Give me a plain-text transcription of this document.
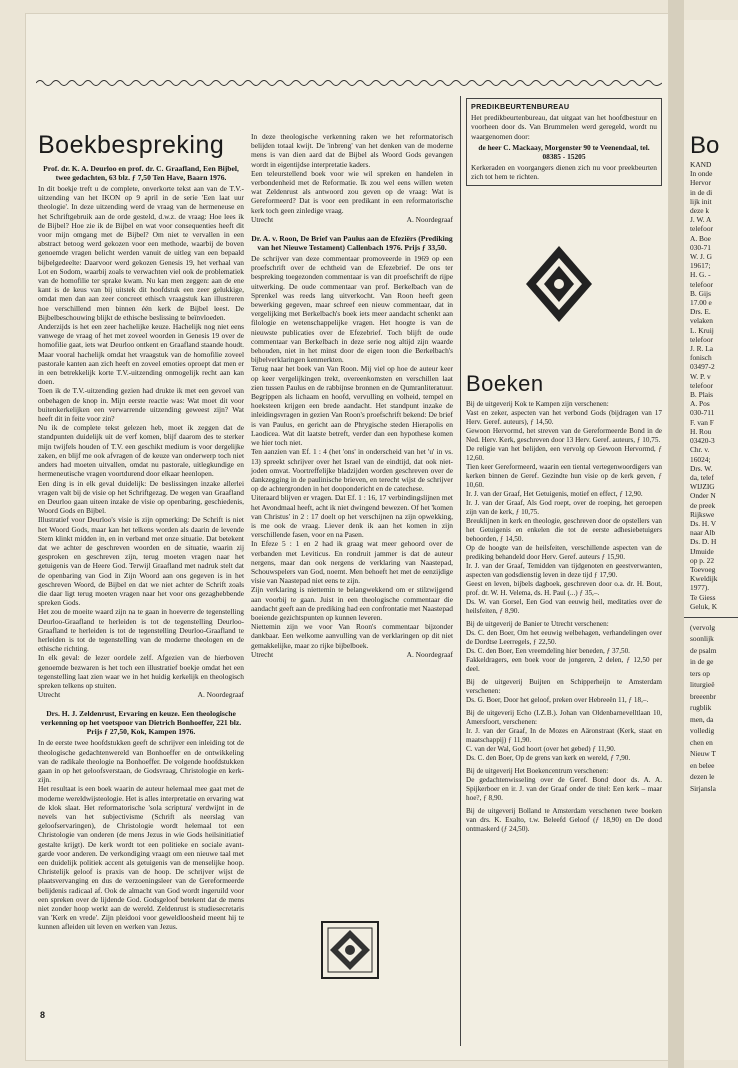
Boekbespreking
Prof. dr. K. A. Deurloo en prof. dr. C. Graafland, Een Bijbel, twee gedachten, 63 blz. ƒ 7,50 Ten Have, Baarn 1976.

In dit boekje treft u de complete, onverkorte tekst aan van de T.V.-uitzending van het IKON op 9 april in de serie 'Een laat uur theologie'. In deze uitzending werd de vraag van de hermeneuse en het Schriftgebruik aan de orde gesteld, d.w.z. de vraag: Hoe lees ik de Bijbel? Hoe zie ik de Bijbel en wat voor consequenties heeft dit voor mijn omgang met de Bijbel? Om niet te vervallen in een abstract betoog werd gekozen voor een methode, waarbij de boven genoemde vragen belicht werden vanuit de uitleg van een bepaald bijbelgedeelte: Daarvoor werd gekozen Genesis 19, het verhaal van Lot en Sodom, waarbij zoals te verwachten viel ook de problematiek van de homofilie ter sprake kwam. Nu kan men zeggen: aan de ene kant is de keus van bij uitstek dit hoofdstuk een zeer gelukkige, omdat men dan aan zeer concreet ethisch vraagstuk kan illustreren hoe verschillend men binnen één kerk de Bijbel leest. De Bijbelbeschouwing blijkt de ethische beslissing te beïnvloeden.

Anderzijds is het een zeer hachelijke keuze. Hachelijk nog niet eens vanwege de vraag of het met zoveel woorden in Genesis 19 over de homofilie gaat, iets wat Deurloo ontkent en Graafland staande houdt. Maar vooral hachelijk omdat het vraagstuk van de homofilie zoveel pastorale kanten aan zich heeft en zoveel emoties oproept dat men er in een betrekkelijk korte T.V.-uitzending onmogelijk recht aan kan doen.

Toen ik de T.V.-uitzending gezien had drukte ik met een gevoel van onbehagen de knop in. Mijn eerste reactie was: Wat moet dit voor buitenkerkelijken een verwarrende uitzending geweest zijn? Wat heeft dit in feite voor zin?

Nu ik de complete tekst gelezen heb, moet ik zeggen dat de standpunten duidelijk uit de verf komen, blijf daarom des te sterker mijn twijfels houden of T.V. een geschikt medium is voor dergelijke zaken, en blijf me ook afvragen of de keuze van onderwerp toch niet anders had moeten uitvallen, omdat nu pastorale, uitlegkundige en hermeneutische vragen voortdurend door elkaar heenlopen.

Een ding is in elk geval duidelijk: De beslissingen inzake allerlei vragen valt bij de visie op het Schriftgezag. De wegen van Graafland en Deurloo gaan uiteen inzake de visie op openbaring, geschiedenis, Woord Gods en Bijbel.

Illustratief voor Deurloo's visie is zijn opmerking: De Schrift is niet het Woord Gods, maar kan het telkens worden als daarin de levende Stem klinkt midden in, en in verband met onze situatie. Dat betekent dat we achter de geschreven woorden en de situatie, waarin zij gesproken en geschreven zijn, terug moeten vragen naar het getuigenis van de Heere God. Terwijl Graafland met nadruk stelt dat de openbaring van God in Zijn Woord aan ons gegeven is in het geschreven Woord, de Bijbel en dat we niet achter de Schrift zoals die daar ligt terug moeten vragen naar het voor ons gezaghebbende spreken Gods.

Het zou de moeite waard zijn na te gaan in hoeverre de tegenstelling Deurloo-Graafland te herleiden is tot de tegenstelling Deurloo-Graafland te herleiden is tot de tegenstelling Deurloo-Graafland te herleiden is tot de tegenstelling van de moderne theologen en de ethische richting.

In elk geval: de lezer oordele zelf. Afgezien van de hierboven genoemde bezwaren is het toch een illustratief boekje omdat het een tegenstelling laat zien waar we in het huidig kerkelijk en theologisch spreken telkens op stuiten.

Utrecht	A. Noordegraaf
Drs. H. J. Zeldenrust, Ervaring en keuze. Een theologische verkenning op het voetspoor van Dietrich Bonhoeffer, 221 blz. Prijs ƒ 27,50, Kok, Kampen 1976.

In de eerste twee hoofdstukken geeft de schrijver een inleiding tot de theologische gedachtenwereld van Bonhoeffer en de ontwikkeling van de radikale theologie na Bonhoeffer. De volgende hoofdstukken gaan in op het geloofsverstaan, de Godsvraag, Christologie en kerk-zijn.

Het resultaat is een boek waarin de auteur helemaal mee gaat met de moderne wereldwijsteologie. Het is alles interpretatie en ervaring wat de klok slaat. Het reformatorische 'sola scriptura' verdwijnt in de nevels van het subjectivisme (Schrift als neerslag van geloofservaringen), de Christologie wordt helemaal tot een Christologie van onderen (de mens Jezus in wie Gods heilsinitiatief gestalte krijgt). De kerk wordt tot een politieke en sociale avant-garde voor anderen. De verkondiging vraagt om een nieuwe taal met een duidelijk politiek accent als getuigenis van de menselijke hoop. Christelijk geloof is praxis van de hoop. De schrijver wijst de plaatsvervanging en dus de verzoeningsleer van de Gereformeerde belijdenis radicaal af. Ook de almacht van God wordt ingeruild voor een spreken over de lijdende God. Godsgeloof betekent dat de mens niet zonder hoop werkt aan de wereld. Zeldenrust is studiesecretaris van 'Kerk en vrede'. Zijn pleidooi voor geweldloosheid meent hij te kunnen afleiden uit leven en werken van Jezus.

In deze theologische verkenning raken we het reformatorisch belijden totaal kwijt. De 'inbreng' van het denken van de moderne mens is van dien aard dat de Bijbel als Woord Gods gevangen wordt in eigentijdse interpretatie kaders.

Een teleurstellend boek voor wie wil spreken en handelen in verbondenheid met de Reformatie. Ik zou wel eens willen weten wat Zeldenrust als antwoord zou geven op de vraag: Wat is Gereformeerd? Dat is voor een predikant in een reformatorische kerk toch geen zinledige vraag.

Utrecht	A. Noordegraaf
Dr. A. v. Roon, De Brief van Paulus aan de Efeziërs (Prediking van het Nieuwe Testament) Callenbach 1976. Prijs ƒ 33,50.

De schrijver van deze commentaar promoveerde in 1969 op een proefschrift over de echtheid van de Efezebrief. De ons ter bespreking toegezonden commentaar is van dit proefschrift de rijpe uitwerking. De oude commentaar van prof. Berkelbach van de Sprenkel was reeds lang uitverkocht. Van Roon heeft geen bewerking gegeven, maar schreef een nieuw commentaar, dat in vergelijking met Berkelbach's boek iets meer aandacht schenkt aan filologie en wetenschappelijke vragen. Het hoogte is van de nieuwste publicaties over de Efezebrief. Toch blijft de oude commentaar van Berkelbach in deze serie nog altijd zijn waarde behouden, niet in het minst door de eigen toon die Berkelbach's bijbelverklaringen kenmerkten.

Terug naar het boek van Van Roon. Mij viel op hoe de auteur keer op keer vergelijkingen trekt, overeenkomsten en verschillen laat zien tussen Paulus en de rabbijnse bronnen en de Qumranliteratuur. Begrippen als lichaam en hoofd, vervulling en volheid, tempel en hoeksteen krijgen een brede aandacht. Het standpunt inzake de inleidingsvragen in gezien Van Roon's proefschrift bekend: De brief is van Paulus, en gericht aan de Phrygische steden Hierapolis en Laodicea. Wat dit laatste betreft, verder dan een hypothese komen we hier toch niet.

Ten aanzien van Ef. 1 : 4 (het 'ons' in onderscheid van het 'u' in vs. 13) spreekt schrijver over het Israel van de eindtijd, dat ook niet-joden omvat. Voortreffelijke bladzijden worden geschreven over de dankzegging in de paulinische brieven, en terecht wijst de schrijver op de achtergronden in het doopondericht en de catechese.

Uiteraard blijven er vragen. Dat Ef. 1 : 16, 17 verbindingslijnen met het Avondmaal heeft, acht ik niet dwingend bewezen. Of het 'komen van Christus' in 2 : 17 doelt op het verschijnen na zijn opwekking, is me ook de vraag. Liever denk ik aan het komen in zijn verschillende fasen, voor en na Pasen.

In Efeze 5 : 1 en 2 had ik graag wat meer gehoord over de verbanden met Leviticus. En rondruit jammer is dat de auteur nergens, maar dan ook nergens de verklaring van Naastepad, Schouwspelers van God, noemt. Men behoeft het met de eenzijdige visie van Naastepad niet eens te zijn.

Zijn verklaring is niettemin te belangwekkend om er stilzwijgend aan voorbij te gaan. Juist in een theologische commentaar die aandacht geeft aan de prediking had een confrontatie met Naastepad boeiende gezichtspunten op kunnen leveren.

Niettemin zijn we voor Van Roon's commentaar bijzonder dankbaar. Een welkome aanvulling van de verklaringen op dit niet gemakkelijke, maar zo rijke bijbelboek.

Utrecht	A. Noordegraaf
PREDIKBEURTENBUREAU

Het predikbeurtenbureau, dat uitgaat van het hoofdbestuur en voorheen door ds. Van Brummelen werd geregeld, wordt nu waargenomen door:

de heer C. Mackaay, Morgenster 90 te Veenendaal, tel. 08385 - 15205

Kerkeraden en voorgangers dienen zich nu voor preekbeurten zich tot hem te richten.

Boeken

Bij de uitgeverij Kok te Kampen zijn verschenen:

Vast en zeker, aspecten van het verbond Gods (bijdragen van 17 Herv. Geref. auteurs), ƒ 14,50.

Gewoon Hervormd, het streven van de Gereformeerde Bond in de Ned. Herv. Kerk, geschreven door 13 Herv. Geref. auteurs, ƒ 10,75.

De religie van het belijden, een vervolg op Gewoon Hervormd, ƒ 12,60.

Tien keer Gereformeerd, waarin een tiental vertegenwoordigers van kerken binnen de Geref. Gezindte hun visie op de kerk geven, ƒ 10,60.

Ir. J. van der Graaf, Het Getuigenis, motief en effect, ƒ 12,90.

Ir. J. van der Graaf, Als God roept, over de roeping, het geroepen zijn van de kerk, ƒ 10,75.

Breuklijnen in kerk en theologie, geschreven door de opstellers van het Getuigenis en enkelen die tot de eerste adhesiebetuigers behoorden, ƒ 14,50.

Op de hoogte van de heilsfeiten, verschillende aspecten van de prediking behandeld door Herv. Geref. auteurs ƒ 15,90.

Ir. J. van der Graaf, Temidden van tijdgenoten en geestverwanten, aspecten van godsdienstig leven in deze tijd ƒ 17,90.

Geest en leven, bijbels dagboek, geschreven door o.a. dr. H. Bout, prof. dr. W. H. Velema, ds. H. Paul (...) ƒ 35,–.

Ds. W. van Gorsel, Een God van eeuwig heil, meditaties over de heilsfeiten, ƒ 8,90.

Bij de uitgeverij de Banier te Utrecht verschenen:

Ds. C. den Boer, Om het eeuwig welbehagen, verhandelingen over de Dordtse Leerregels, ƒ 22,50.

Ds. C. den Boer, Een vreemdeling hier beneden, ƒ 37,50.

Fakkeldragers, een boek voor de jongeren, 2 delen, ƒ 12,50 per deel.

Bij de uitgeverij Buijten en Schipperheijn te Amsterdam verschenen:

Ds. G. Boer, Door het geloof, preken over Hebreeën 11, ƒ 18,–.

Bij de uitgeverij Echo (I.Z.B.). Johan van Oldenbarnevelltlaan 10, Amersfoort, verschenen:

Ir. J. van der Graaf, In de Mozes en Aäronstraat (Kerk, staat en maatschappij) ƒ 11,90.

C. van der Wal, God hoort (over het gebed) ƒ 11,90.

Ds. C. den Boer, Op de grens van kerk en wereld, ƒ 7,90.

Bij de uitgeverij Het Boekencentrum verschenen:

De gedachtenwisseling over de Geref. Bond door ds. A. A. Spijkerboer en ir. J. van der Graaf onder de titel: Een kerk – maar hoe?, ƒ 8,90.

Bij de uitgeverij Bolland te Amsterdam verschenen twee boeken van drs. K. Exalto, t.w. Beleefd Geloof (ƒ 18,90) en De dood ontmaskerd (ƒ 24,50).

Bo
KAND
In onde
Hervor
in de di
lijk init
deze k
J. W. A
telefoor
A. Boe
030-71
W. J. G
19617;
H. G. -
telefoor
B. Gijs
17.00 e
Drs. E.
velaken
L. Kruij
telefoor
J. R. La
fonisch
03497-2
W. P. v
telefoor
B. Plais
A. Pos
030-711
F. van F
H. Rou
03420-3
Chr. v.
16024;
Drs. W.
da, telef
WIJZIG
Onder N
de preek
Rijkswe
Ds. H. V
naar Alb
Ds. D. H
IJmuide
op p. 22
Toevoeg
Kweldijk
1977).
Te Giess
Geluk, K
(vervolg
soonlijk
de psalm
in de ge
ters op
liturgieë
breeenbr
rugblik
men, da
volledig
chen en
Nieuw T
en belee
dezen le
Sirjansla
8
